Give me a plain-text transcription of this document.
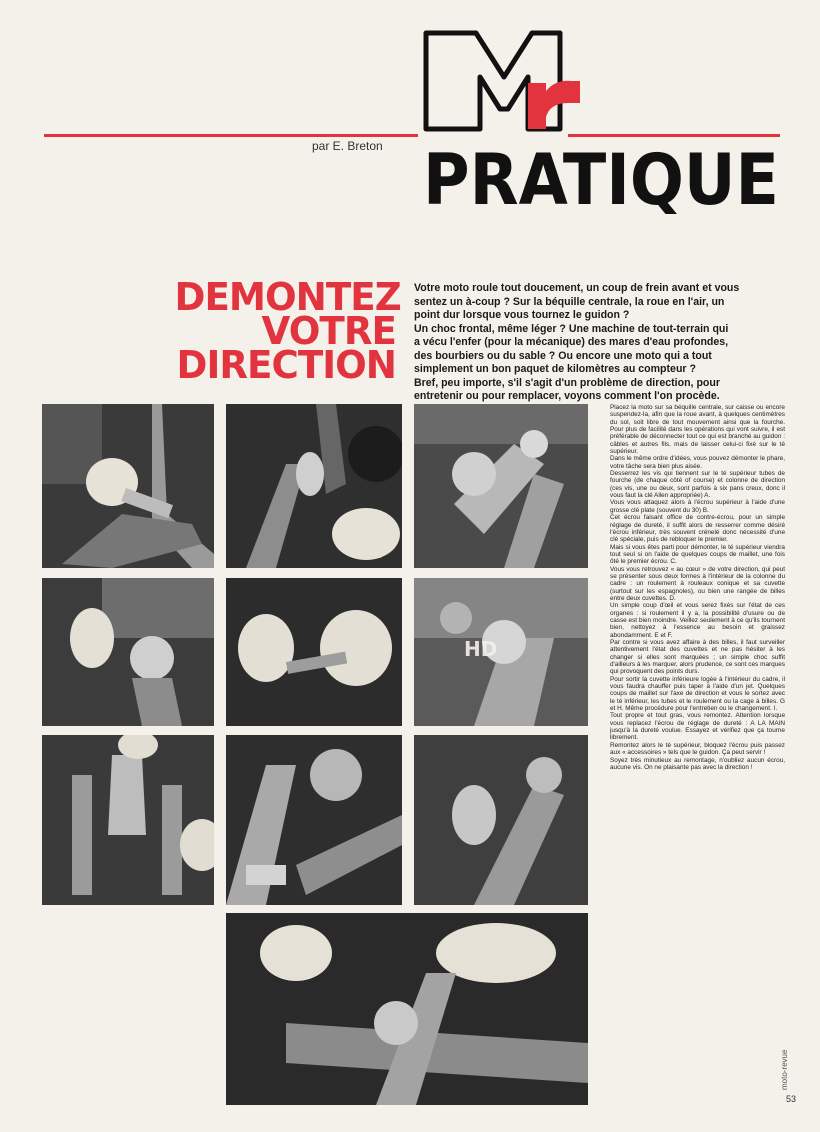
par E. Breton PRATIQUE
DEMONTEZ
VOTRE
DIRECTION
Votre moto roule tout doucement, un coup de frein avant et vous
sentez un à-coup ? Sur la béquille centrale, la roue en l'air, un
point dur lorsque vous tournez le guidon ?
Un choc frontal, même léger ? Une machine de tout-terrain qui
a vécu l'enfer (pour la mécanique) des mares d'eau profondes,
des bourbiers ou du sable ? Ou encore une moto qui a tout
simplement un bon paquet de kilomètres au compteur ?
Bref, peu importe, s'il s'agit d'un problème de direction, pour
entretenir ou pour remplacer, voyons comment l'on procède.
HD

Placez la moto sur sa béquille centrale, sur caisse ou encore suspendez-la, afin que la roue avant, à quelques centimètres du sol, soit libre de tout mouvement ainsi que la fourche. Pour plus de facilité dans les opérations qui vont suivre, il est préférable de déconnecter tout ce qui est branché au guidon : câbles et autres fils, mais de laisser celui-ci fixé sur le té supérieur.

Dans le même ordre d'idées, vous pouvez démonter le phare, votre tâche sera bien plus aisée.

Desserrez les vis qui tiennent sur le té supérieur tubes de fourche (de chaque côté of course) et colonne de direction (ces vis, une ou deux, sont parfois à six pans creux, donc il vous faut la clé Allen appropriée) A.

Vous vous attaquez alors à l'écrou supérieur à l'aide d'une grosse clé plate (souvent du 30) B.

Cet écrou faisant office de contre-écrou, pour un simple réglage de dureté, il suffit alors de resserrer comme désiré l'écrou inférieur, très souvent crénelé donc nécessité d'une clé spéciale, puis de rebloquer le premier.

Mais si vous êtes parti pour démonter, le té supérieur viendra tout seul si on l'aide de quelques coups de maillet, une fois ôté le premier écrou. C.

Vous vous retrouvez « au cœur » de votre direction, qui peut se présenter sous deux formes à l'intérieur de la colonne du cadre : un roulement à rouleaux conique et sa cuvette (surtout sur les espagnoles), ou bien une rangée de billes entre deux cuvettes. D.

Un simple coup d'œil et vous serez fixés sur l'état de ces organes : si roulement il y a, la possibilité d'usure ou de casse est bien moindre. Veillez seulement à ce qu'ils tournent bien, nettoyez à l'essence au besoin et graissez abondamment. E et F.

Par contre si vous avez affaire à des billes, il faut surveiller attentivement l'état des cuvettes et ne pas hésiter à les changer si elles sont marquées ; un simple choc suffit d'ailleurs à les marquer, alors prudence, ce sont ces marques qui provoquent des points durs.

Pour sortir la cuvette inférieure logée à l'intérieur du cadre, il vous faudra chauffer puis taper à l'aide d'un jet. Quelques coups de maillet sur l'axe de direction et vous le sortez avec le té inférieur, les tubes et le roulement ou la cage à billes. G et H. Même procédure pour l'entretien ou le changement. I.

Tout propre et tout gras, vous remontez. Attention lorsque vous replacez l'écrou de réglage de dureté : A LA MAIN jusqu'à la dureté voulue. Essayez et vérifiez que ça tourne librement.

Remontez alors le té supérieur, bloquez l'écrou puis passez aux « accessoires » tels que le guidon. Ça peut servir !

Soyez très minutieux au remontage, n'oubliez aucun écrou, aucune vis. On ne plaisante pas avec la direction !

moto-revue
53
